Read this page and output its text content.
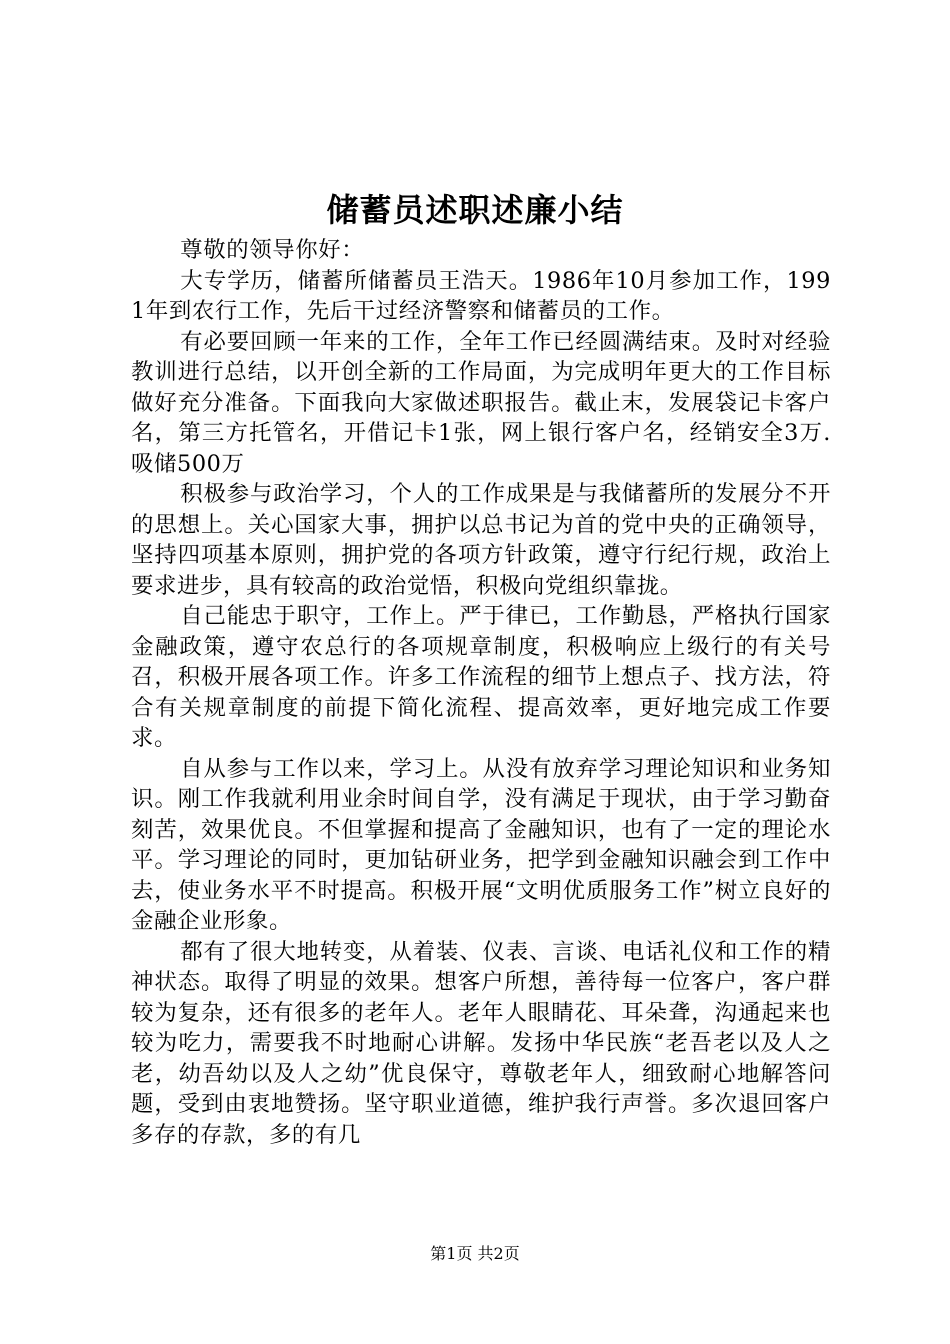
储蓄员述职述廉小结

尊敬的领导你好：

大专学历，储蓄所储蓄员王浩天。1986年10月参加工作，1991年到农行工作，先后干过经济警察和储蓄员的工作。

有必要回顾一年来的工作，全年工作已经圆满结束。及时对经验教训进行总结，以开创全新的工作局面，为完成明年更大的工作目标做好充分准备。下面我向大家做述职报告。截止末，发展袋记卡客户名，第三方托管名，开借记卡1张，网上银行客户名，经销安全3万.吸储500万

积极参与政治学习，个人的工作成果是与我储蓄所的发展分不开的思想上。关心国家大事，拥护以总书记为首的党中央的正确领导，坚持四项基本原则，拥护党的各项方针政策，遵守行纪行规，政治上要求进步，具有较高的政治觉悟，积极向党组织靠拢。

自己能忠于职守，工作上。严于律已，工作勤恳，严格执行国家金融政策，遵守农总行的各项规章制度，积极响应上级行的有关号召，积极开展各项工作。许多工作流程的细节上想点子、找方法，符合有关规章制度的前提下简化流程、提高效率，更好地完成工作要求。

自从参与工作以来，学习上。从没有放弃学习理论知识和业务知识。刚工作我就利用业余时间自学，没有满足于现状，由于学习勤奋刻苦，效果优良。不但掌握和提高了金融知识，也有了一定的理论水平。学习理论的同时，更加钻研业务，把学到金融知识融会到工作中去，使业务水平不时提高。积极开展“文明优质服务工作”树立良好的金融企业形象。

都有了很大地转变，从着装、仪表、言谈、电话礼仪和工作的精神状态。取得了明显的效果。想客户所想，善待每一位客户，客户群较为复杂，还有很多的老年人。老年人眼睛花、耳朵聋，沟通起来也较为吃力，需要我不时地耐心讲解。发扬中华民族“老吾老以及人之老，幼吾幼以及人之幼”优良保守，尊敬老年人，细致耐心地解答问题，受到由衷地赞扬。坚守职业道德，维护我行声誉。多次退回客户多存的存款，多的有几

第1页 共2页
